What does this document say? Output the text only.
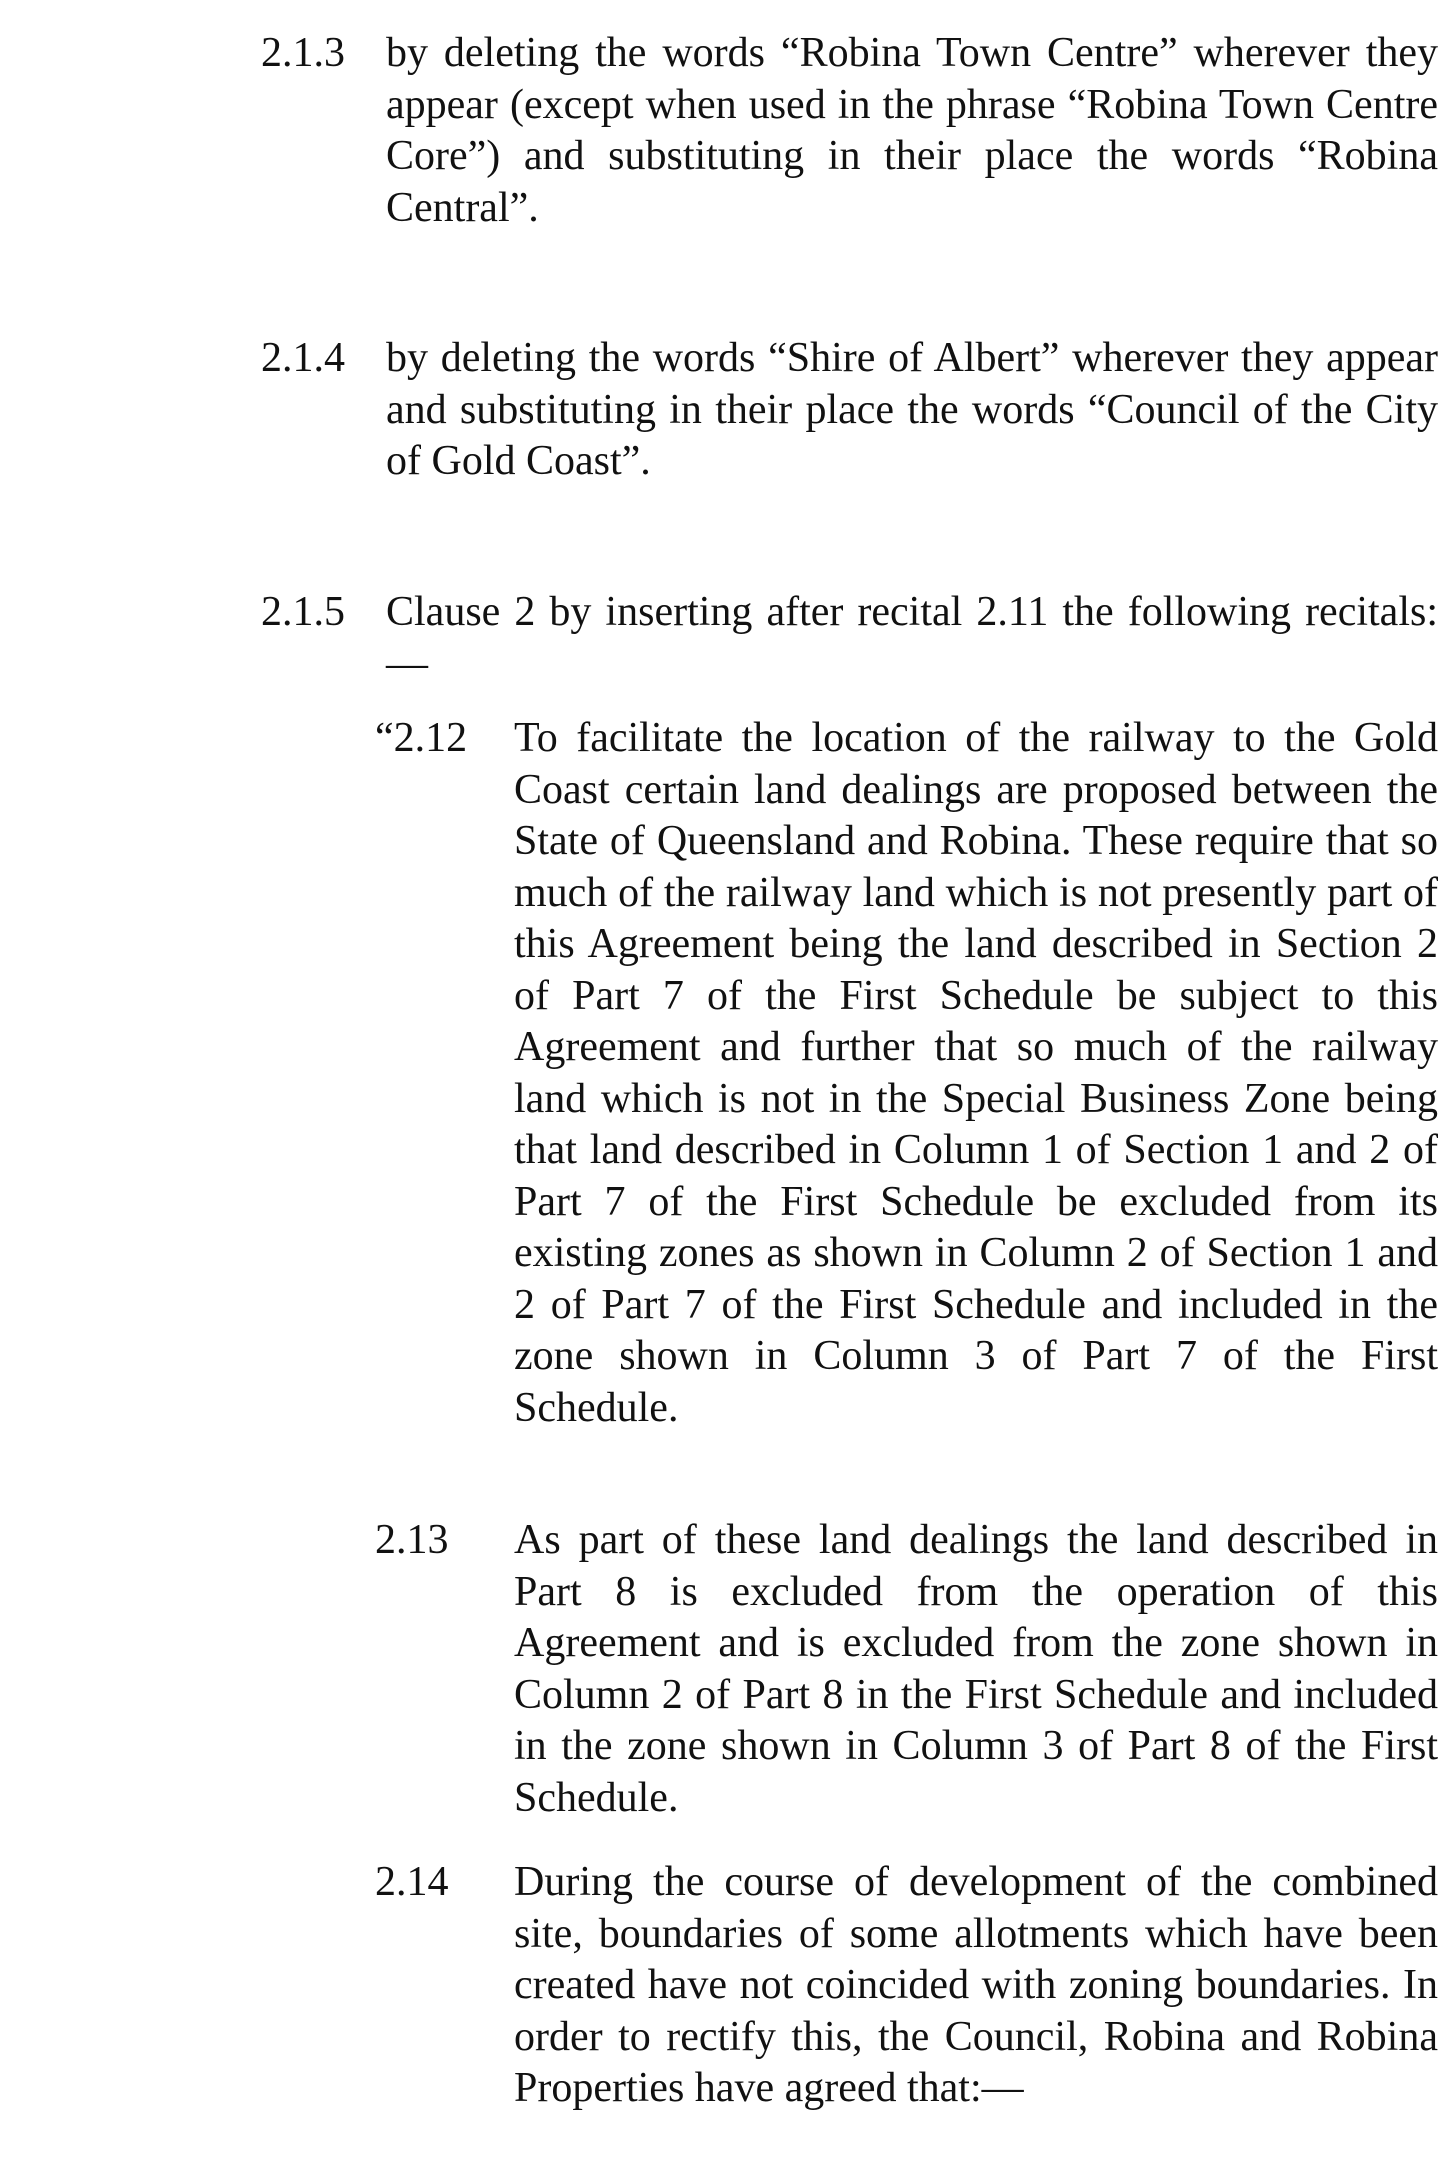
2.1.3 by deleting the words “Robina Town Centre” wherever they appear (except when used in the phrase “Robina Town Centre Core”) and substituting in their place the words “Robina Central”.
2.1.4 by deleting the words “Shire of Albert” wherever they appear and substituting in their place the words “Council of the City of Gold Coast”.
2.1.5 Clause 2 by inserting after recital 2.11 the following recitals:—
“2.12 To facilitate the location of the railway to the Gold Coast certain land dealings are proposed between the State of Queensland and Robina. These require that so much of the railway land which is not presently part of this Agreement being the land described in Section 2 of Part 7 of the First Schedule be subject to this Agreement and further that so much of the railway land which is not in the Special Business Zone being that land described in Column 1 of Section 1 and 2 of Part 7 of the First Schedule be excluded from its existing zones as shown in Column 2 of Section 1 and 2 of Part 7 of the First Schedule and included in the zone shown in Column 3 of Part 7 of the First Schedule.
2.13 As part of these land dealings the land described in Part 8 is excluded from the operation of this Agreement and is excluded from the zone shown in Column 2 of Part 8 in the First Schedule and included in the zone shown in Column 3 of Part 8 of the First Schedule.
2.14 During the course of development of the combined site, boundaries of some allotments which have been created have not coincided with zoning boundaries. In order to rectify this, the Council, Robina and Robina Properties have agreed that:—
